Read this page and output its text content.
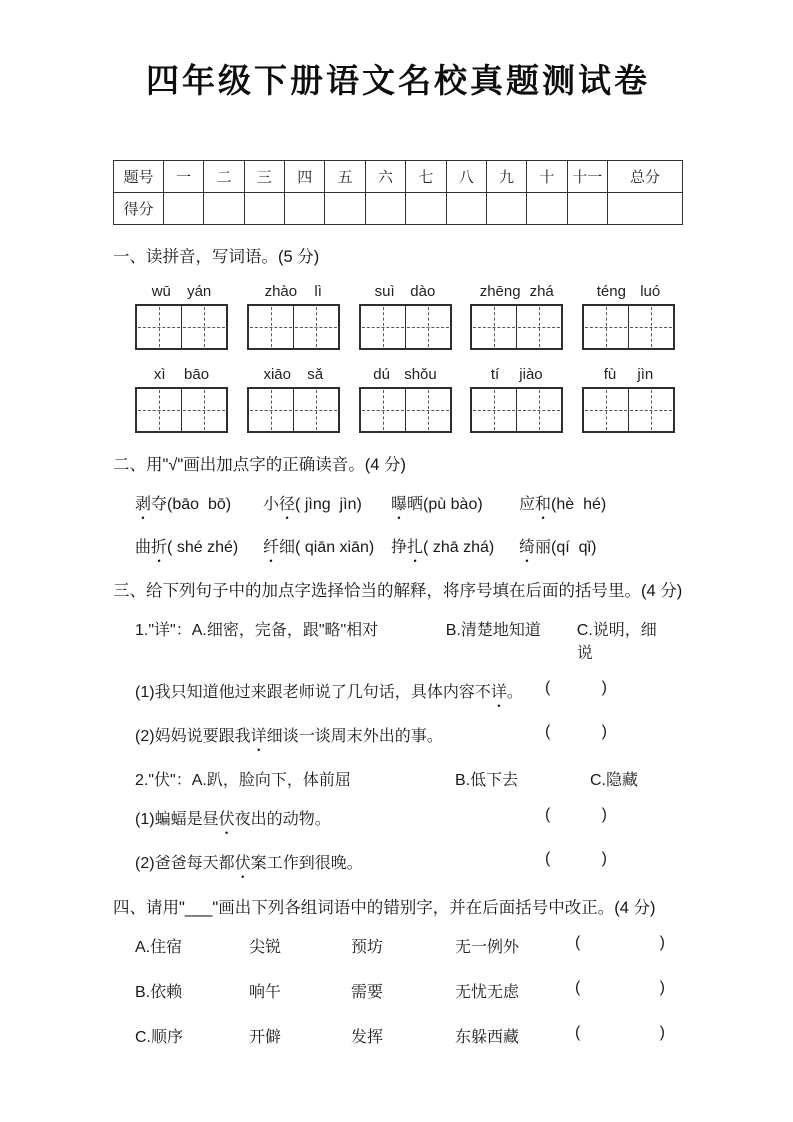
四年级下册语文名校真题测试卷
题号	一	二	三	四	五	六	七	八	九	十	十一	总分
得分												

一、读拼音，写词语。(5 分)

wū yán	zhào lì	suì dào	zhēng zhá	téng luó
xì bāo	xiāo sǎ	dú shǒu	tí jiào	fù jìn

二、用"√"画出加点字的正确读音。(4 分)

剥夺(bāo bō)	小径( jìng jìn)	曝晒(pù bào)	应和(hè hé)
曲折( shé zhé)	纤细( qiān xiān)	挣扎( zhā zhá)	绮丽(qí qǐ)

三、给下列句子中的加点字选择恰当的解释，将序号填在后面的括号里。(4 分)

1."详"：A.细密，完备，跟"略"相对	B.清楚地知道	C.说明，细说
(1)我只知道他过来跟老师说了几句话，具体内容不详。 (	)
(2)妈妈说要跟我详细谈一谈周末外出的事。	(	)
2."伏"：A.趴，脸向下，体前屈	B.低下去	C.隐藏
(1)蝙蝠是昼伏夜出的动物。	(	)
(2)爸爸每天都伏案工作到很晚。	(	)

四、请用"___"画出下列各组词语中的错别字，并在后面括号中改正。(4 分)

A.住宿	尖锐	预坊	无一例外	(	)
B.依赖	响午	需要	无忧无虑	(	)
C.顺序	开僻	发挥	东躲西藏	(	)
